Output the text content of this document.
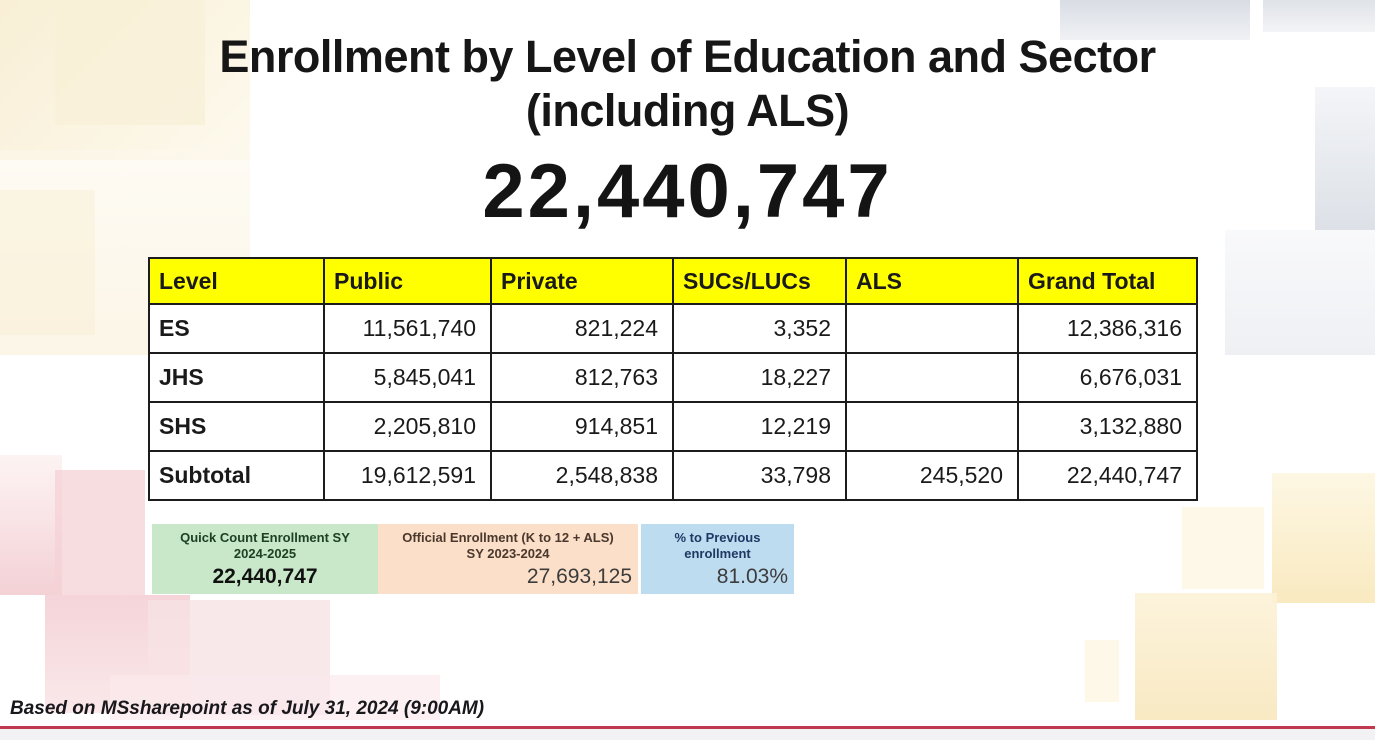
Enrollment by Level of Education and Sector
(including ALS)
22,440,747
Level	Public	Private	SUCs/LUCs	ALS	Grand Total
ES	11,561,740	821,224	3,352		12,386,316
JHS	5,845,041	812,763	18,227		6,676,031
SHS	2,205,810	914,851	12,219		3,132,880
Subtotal	19,612,591	2,548,838	33,798	245,520	22,440,747
Quick Count Enrollment SY
2024-2025
22,440,747
Official Enrollment (K to 12 + ALS)
SY 2023-2024
27,693,125
% to Previous
enrollment
81.03%
Based on MSsharepoint as of July 31, 2024 (9:00AM)
